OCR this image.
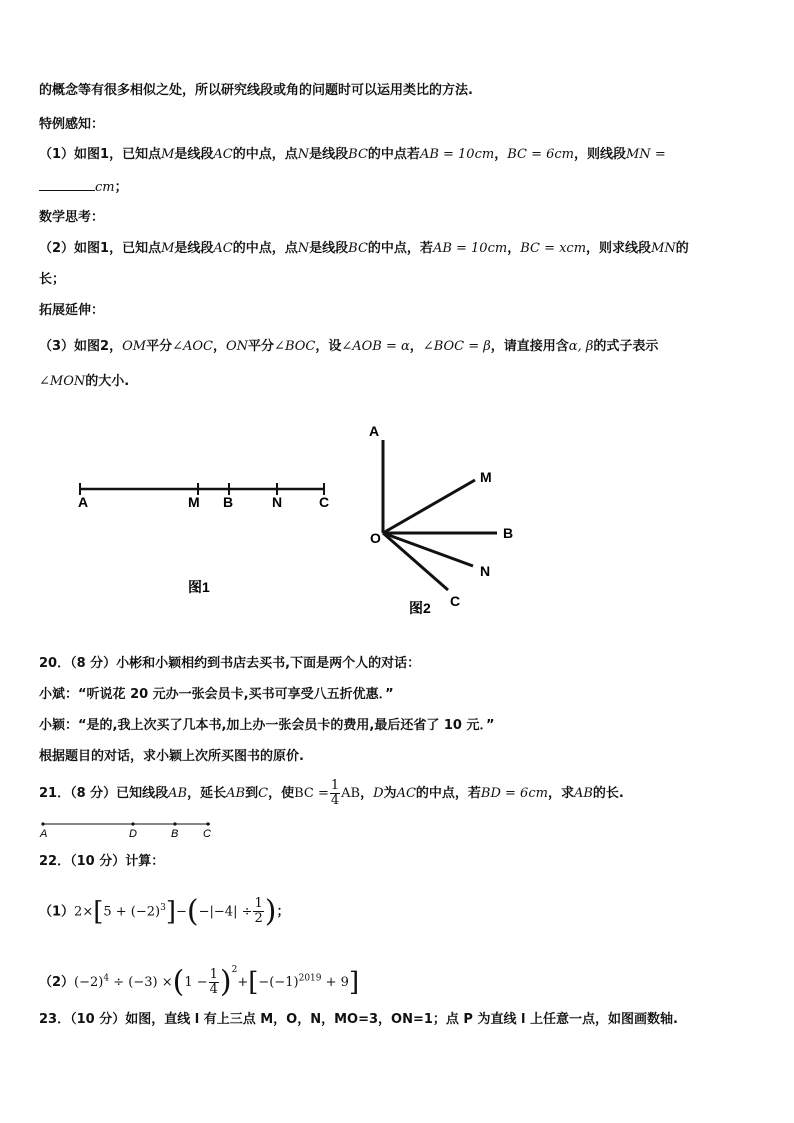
的概念等有很多相似之处，所以研究线段或角的问题时可以运用类比的方法.
特例感知：
（1）如图1，已知点M是线段AC的中点，点N是线段BC的中点若AB = 10cm，BC = 6cm，则线段MN =
cm；
数学思考：
（2）如图1，已知点M是线段AC的中点，点N是线段BC的中点，若AB = 10cm，BC = xcm，则求线段MN的
长；
拓展延伸：
（3）如图2，OM平分∠AOC，ON平分∠BOC，设∠AOB = α，∠BOC = β，请直接用含α, β的式子表示
∠MON的大小.
A	M B	N	C
图1
A
M
B
N
C
O
图2
20．（8 分）小彬和小颖相约到书店去买书,下面是两个人的对话：
小斌：“听说花 20 元办一张会员卡,买书可享受八五折优惠．”
小颖：“是的,我上次买了几本书,加上办一张会员卡的费用,最后还省了 10 元．”
根据题目的对话，求小颖上次所买图书的原价.
21．（8 分）已知线段AB，延长AB到C，使BC = $\frac{1}{4}$ AB，D为AC的中点，若BD = 6cm，求AB的长.
A	D	B C
22．（10 分）计算：
$(1)2\times[5 + (-2)^3]-(-|-4| \div \frac{1}{2}$ )；
$(2)(-2)^4 \div (-3) \times(1 - \frac{1}{4} )^2+[-(-1)^{2019} + 9]$
23．（10 分）如图，直线 l 有上三点 M，O，N，MO=3，ON=1；点 P 为直线 l 上任意一点，如图画数轴.
